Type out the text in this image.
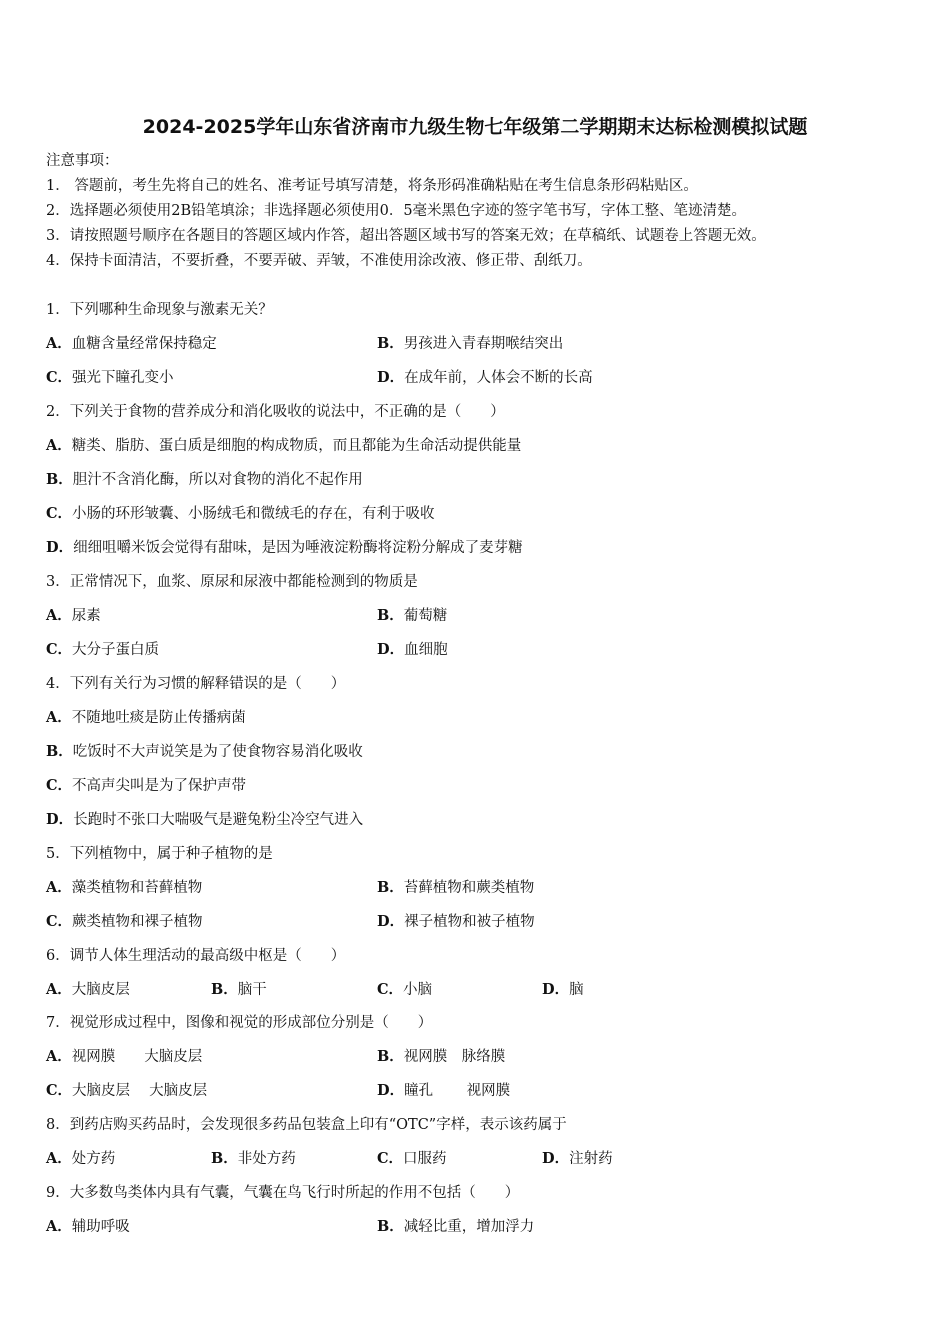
2024-2025学年山东省济南市九级生物七年级第二学期期末达标检测模拟试题
注意事项：
1． 答题前，考生先将自己的姓名、准考证号填写清楚，将条形码准确粘贴在考生信息条形码粘贴区。
2．选择题必须使用2B铅笔填涂；非选择题必须使用0．5毫米黑色字迹的签字笔书写，字体工整、笔迹清楚。
3．请按照题号顺序在各题目的答题区域内作答，超出答题区域书写的答案无效；在草稿纸、试题卷上答题无效。
4．保持卡面清洁，不要折叠，不要弄破、弄皱，不准使用涂改液、修正带、刮纸刀。
1．下列哪种生命现象与激素无关？
A．血糖含量经常保持稳定	B．男孩进入青春期喉结突出
C．强光下瞳孔变小	D．在成年前，人体会不断的长高
2．下列关于食物的营养成分和消化吸收的说法中，不正确的是（　　）
A．糖类、脂肪、蛋白质是细胞的构成物质，而且都能为生命活动提供能量
B．胆汁不含消化酶，所以对食物的消化不起作用
C．小肠的环形皱囊、小肠绒毛和微绒毛的存在，有利于吸收
D．细细咀嚼米饭会觉得有甜味，是因为唾液淀粉酶将淀粉分解成了麦芽糖
3．正常情况下，血浆、原尿和尿液中都能检测到的物质是
A．尿素	B．葡萄糖
C．大分子蛋白质	D．血细胞
4．下列有关行为习惯的解释错误的是（　　）
A．不随地吐痰是防止传播病菌
B．吃饭时不大声说笑是为了使食物容易消化吸收
C．不高声尖叫是为了保护声带
D．长跑时不张口大喘吸气是避兔粉尘冷空气进入
5．下列植物中，属于种子植物的是
A．藻类植物和苔藓植物	B．苔藓植物和蕨类植物
C．蕨类植物和裸子植物	D．裸子植物和被子植物
6．调节人体生理活动的最高级中枢是（　　）
A．大脑皮层	B．脑干	C．小脑	D．脑
7．视觉形成过程中，图像和视觉的形成部位分别是（　　）
A．视网膜　　大脑皮层	B．视网膜　脉络膜
C．大脑皮层　 大脑皮层	D．瞳孔　　 视网膜
8．到药店购买药品时，会发现很多药品包装盒上印有“OTC”字样，表示该药属于
A．处方药	B．非处方药	C．口服药	D．注射药
9．大多数鸟类体内具有气囊，气囊在鸟飞行时所起的作用不包括（　　）
A．辅助呼吸	B．减轻比重，增加浮力
